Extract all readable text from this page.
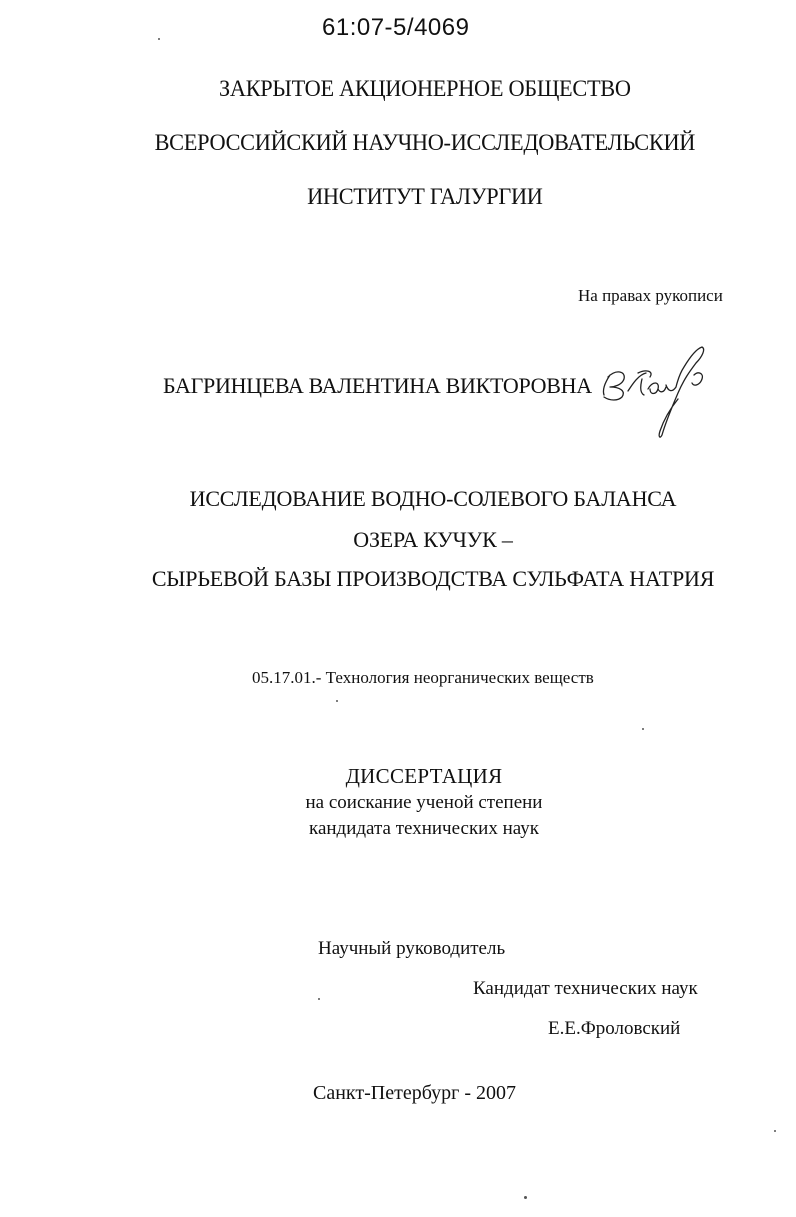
61:07-5/4069
ЗАКРЫТОЕ АКЦИОНЕРНОЕ ОБЩЕСТВО
ВСЕРОССИЙСКИЙ НАУЧНО-ИССЛЕДОВАТЕЛЬСКИЙ
ИНСТИТУТ ГАЛУРГИИ
На правах рукописи
БАГРИНЦЕВА ВАЛЕНТИНА ВИКТОРОВНА
ИССЛЕДОВАНИЕ ВОДНО-СОЛЕВОГО БАЛАНСА
ОЗЕРА КУЧУК –
СЫРЬЕВОЙ БАЗЫ ПРОИЗВОДСТВА СУЛЬФАТА НАТРИЯ
05.17.01.- Технология неорганических веществ
ДИССЕРТАЦИЯ
на соискание ученой степени
кандидата технических наук
Научный руководитель
Кандидат технических наук
Е.Е.Фроловский
Санкт-Петербург - 2007
